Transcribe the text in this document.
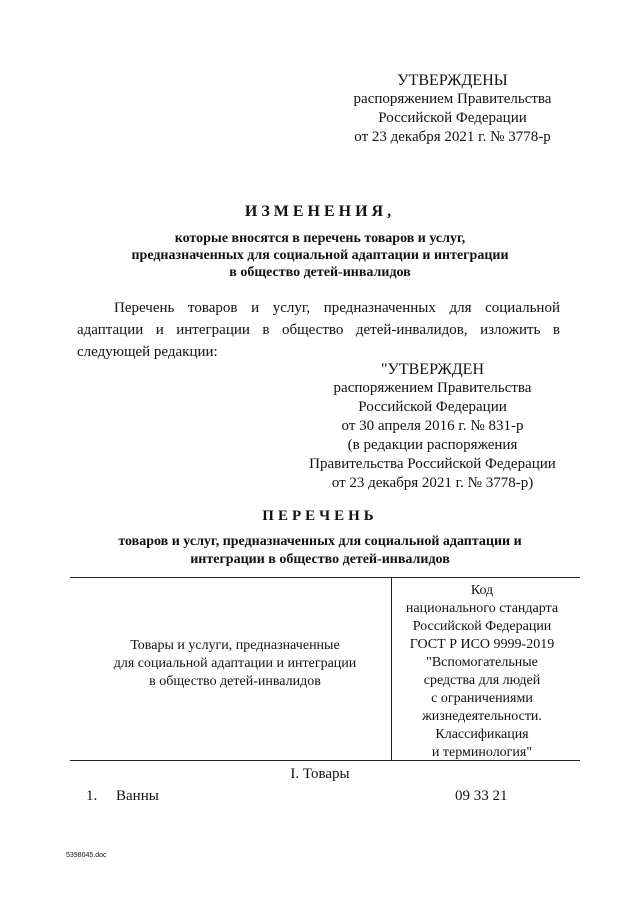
УТВЕРЖДЕНЫ
распоряжением Правительства
Российской Федерации
от 23 декабря 2021 г. № 3778-р
ИЗМЕНЕНИЯ,
которые вносятся в перечень товаров и услуг,
предназначенных для социальной адаптации и интеграции
в общество детей-инвалидов
Перечень товаров и услуг, предназначенных для социальной адаптации и интеграции в общество детей-инвалидов, изложить в следующей редакции:
"УТВЕРЖДЕН
распоряжением Правительства
Российской Федерации
от 30 апреля 2016 г. № 831-р
(в редакции распоряжения
Правительства Российской Федерации
от 23 декабря 2021 г. № 3778-р)
ПЕРЕЧЕНЬ
товаров и услуг, предназначенных для социальной адаптации и
интеграции в общество детей-инвалидов
Товары и услуги, предназначенные
для социальной адаптации и интеграции
в общество детей-инвалидов
Код
национального стандарта
Российской Федерации
ГОСТ Р ИСО 9999-2019
"Вспомогательные
средства для людей
с ограничениями
жизнедеятельности.
Классификация
и терминология"
I. Товары
1. Ванны	09 33 21
5398045.doc
